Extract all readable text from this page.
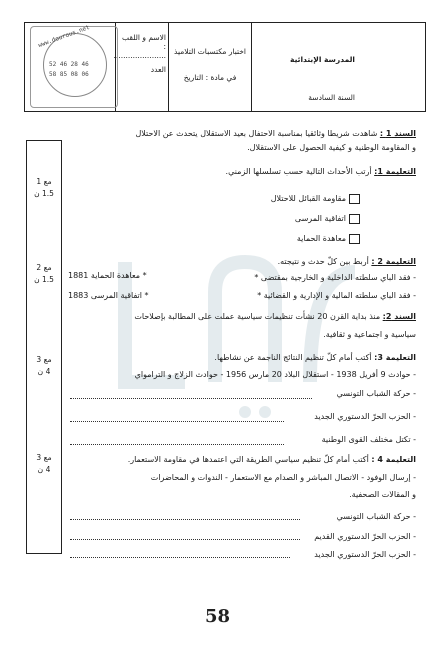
المدرسة الإبتدائية
السنة السادسة
اختبار مكتسبات التلاميذ
في مادة : التاريخ
الاسم و اللقب : ......................
العدد
www.dourous.net
52 46 28 46
58 85 08 06
مع 1
1.5 ن
مع 2
1.5 ن
مع 3
4 ن
مع 3
4 ن
السند 1 : شاهدت شريطا وثائقيا بمناسبة الاحتفال بعيد الاستقلال يتحدث عن الاحتلال
و المقاومة الوطنية و كيفية الحصول على الاستقلال.
التعليمة 1: أرتب الأحداث التالية حسب تسلسلها الزمني.
مقاومة القبائل للاحتلال
اتفاقية المرسى
معاهدة الحماية
التعليمة 2 : أربط بين كلّ حدث و نتيجته.
- فقد الباي سلطته الداخلية و الخارجية بمقتضى *
- فقد الباي سلطته المالية و الإدارية و القضائية *
* معاهدة الحماية 1881
* اتفاقية المرسى 1883
السند 2: منذ بداية القرن 20 نشأت تنظيمات سياسية عملت على المطالبة بإصلاحات
سياسية و اجتماعية و ثقافية.
التعليمة 3: أكتب أمام كلّ تنظيم النتائج الناجمة عن نشاطها.
- حوادث 9 أفريل 1938 - استقلال البلاد 20 مارس 1956 - حوادث الزلاج و الترامواي
- حركة الشباب التونسي
- الحزب الحرّ الدستوري الجديد
- تكتل مختلف القوى الوطنية
التعليمة 4 : أكتب أمام كلّ تنظيم سياسي الطريقة التي اعتمدها في مقاومة الاستعمار.
- إرسال الوفود - الاتصال المباشر و الصدام مع الاستعمار - الندوات و المحاضرات
و المقالات الصحفية.
- حركة الشباب التونسي
- الحزب الحرّ الدستوري القديم
- الحزب الحرّ الدستوري الجديد
58
